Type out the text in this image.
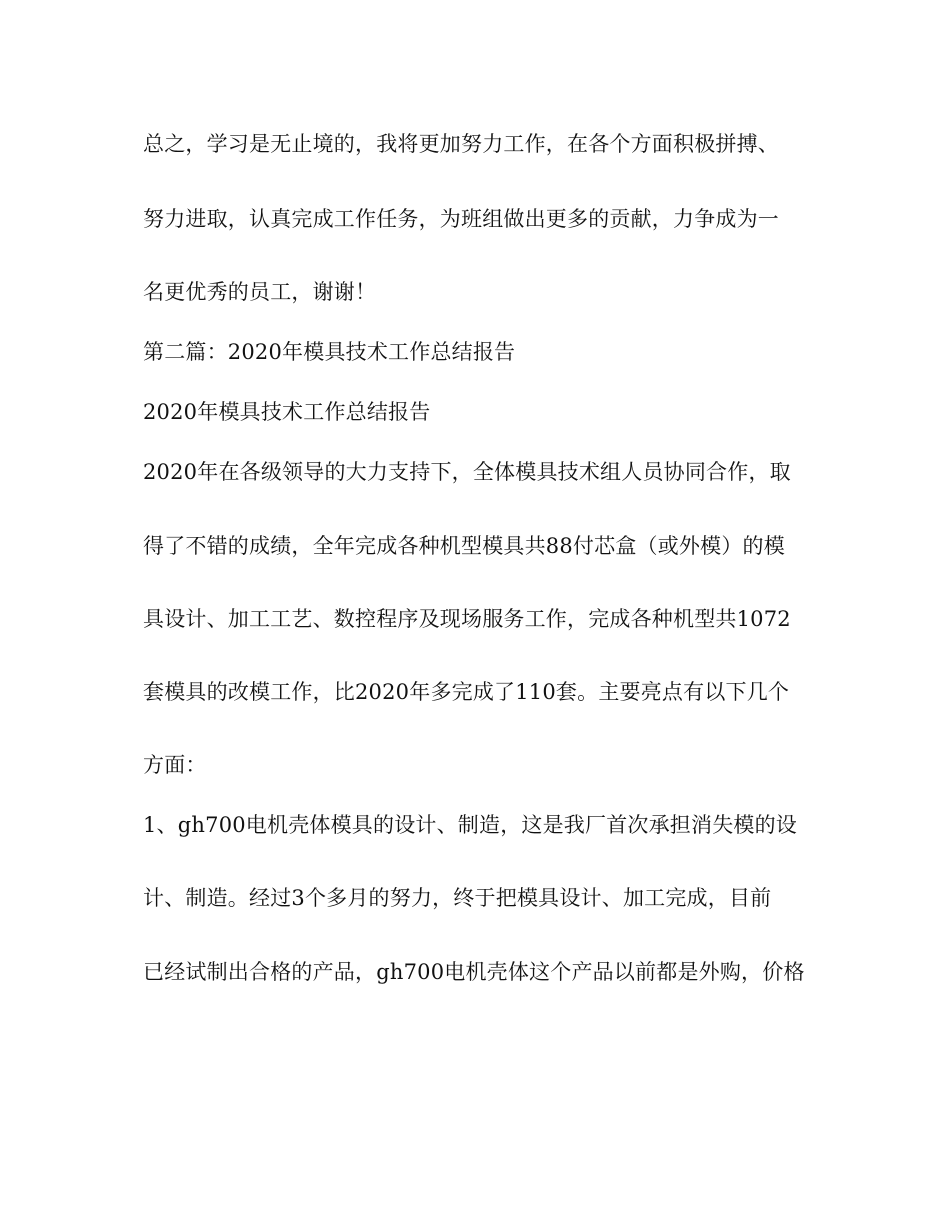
总之，学习是无止境的，我将更加努力工作，在各个方面积极拼搏、
努力进取，认真完成工作任务，为班组做出更多的贡献，力争成为一
名更优秀的员工，谢谢！
第二篇：2020年模具技术工作总结报告
2020年模具技术工作总结报告
2020年在各级领导的大力支持下，全体模具技术组人员协同合作，取
得了不错的成绩，全年完成各种机型模具共88付芯盒（或外模）的模
具设计、加工工艺、数控程序及现场服务工作，完成各种机型共1072
套模具的改模工作，比2020年多完成了110套。主要亮点有以下几个
方面：
1、gh700电机壳体模具的设计、制造，这是我厂首次承担消失模的设
计、制造。经过3个多月的努力，终于把模具设计、加工完成，目前
已经试制出合格的产品，gh700电机壳体这个产品以前都是外购，价格
